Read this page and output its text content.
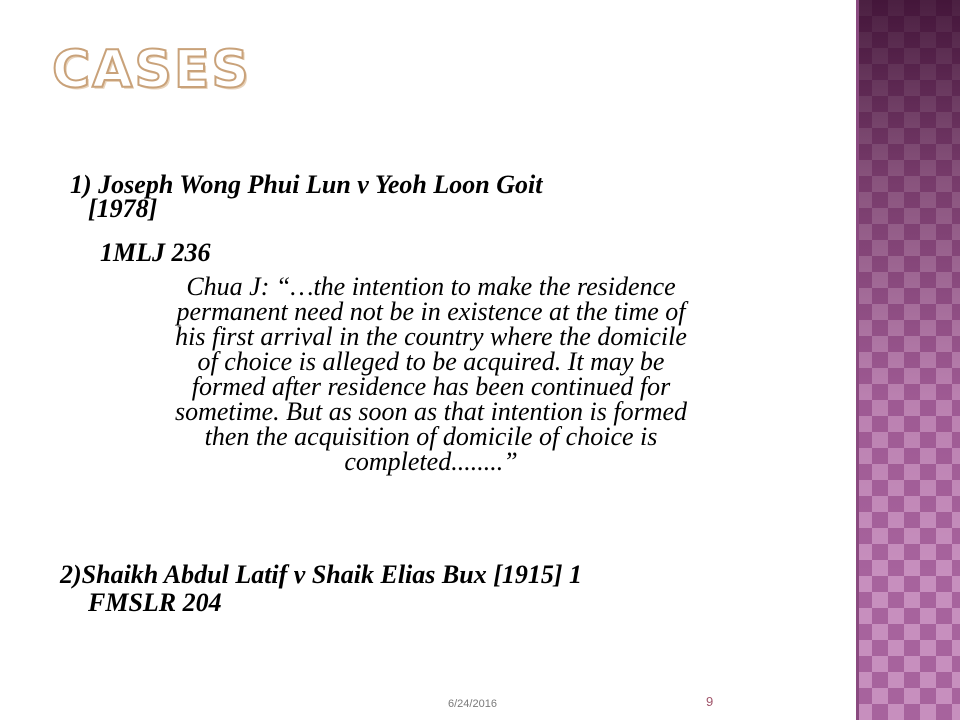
CASES

1) Joseph Wong Phui Lun v Yeoh Loon Goit

[1978]

1MLJ 236

Chua J: “…the intention to make the residence
permanent need not be in existence at the time of
his first arrival in the country where the domicile
of choice is alleged to be acquired. It may be
formed after residence has been continued for
sometime. But as soon as that intention is formed
then the acquisition of domicile of choice is
completed........”

2)Shaikh Abdul Latif v Shaik Elias Bux [1915] 1

FMSLR 204

6/24/2016	9
